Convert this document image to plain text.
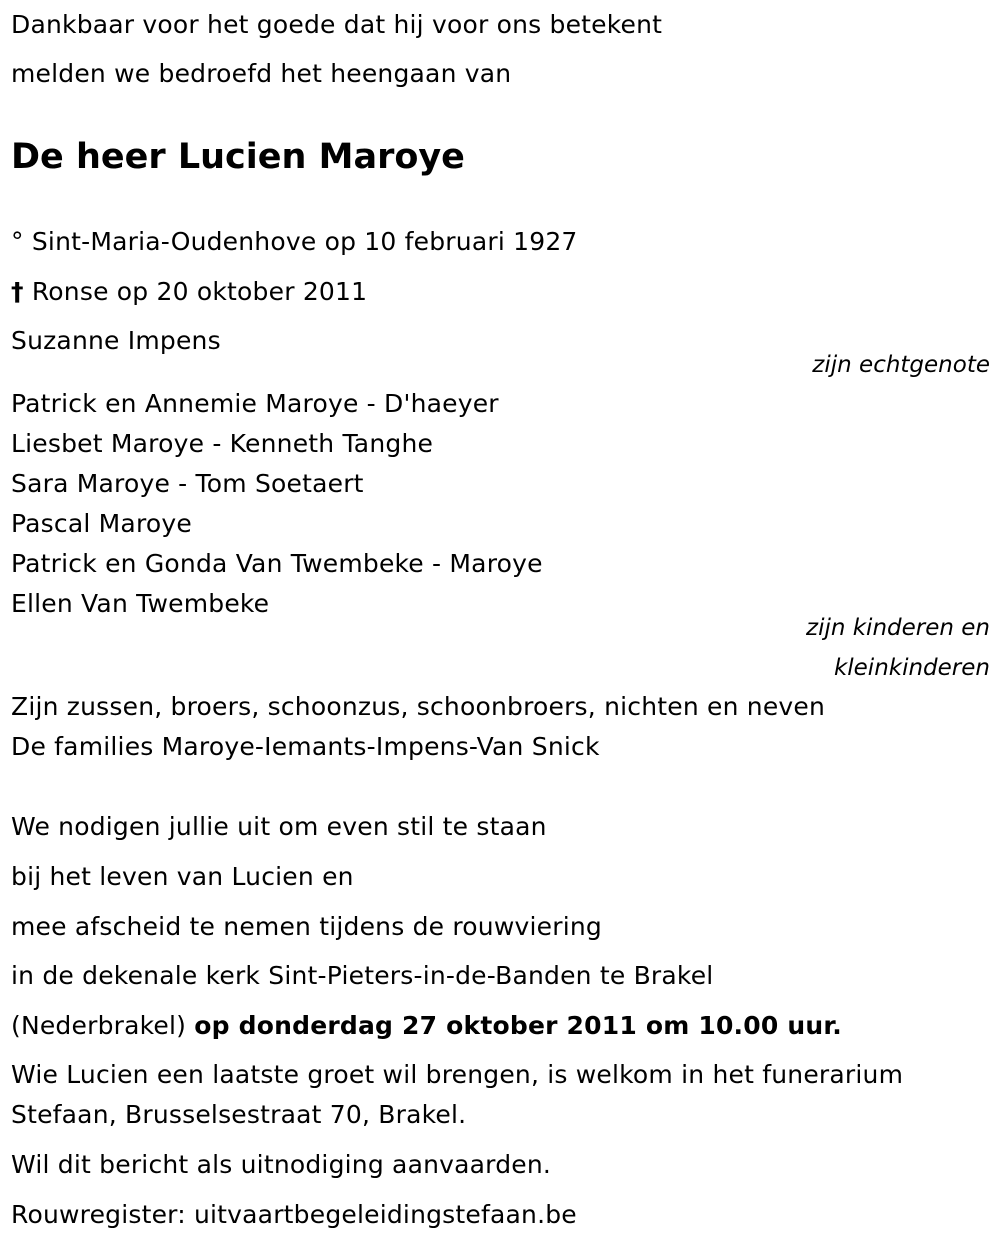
Dankbaar voor het goede dat hij voor ons betekent

melden we bedroefd het heengaan van

De heer Lucien Maroye

° Sint-Maria-Oudenhove op 10 februari 1927

† Ronse op 20 oktober 2011

Suzanne Impens

zijn echtgenote

Patrick en Annemie Maroye - D'haeyer

Liesbet Maroye - Kenneth Tanghe

Sara Maroye - Tom Soetaert

Pascal Maroye

Patrick en Gonda Van Twembeke - Maroye

Ellen Van Twembeke

zijn kinderen en

kleinkinderen

Zijn zussen, broers, schoonzus, schoonbroers, nichten en neven

De families Maroye-Iemants-Impens-Van Snick

We nodigen jullie uit om even stil te staan

bij het leven van Lucien en

mee afscheid te nemen tijdens de rouwviering

in de dekenale kerk Sint-Pieters-in-de-Banden te Brakel

(Nederbrakel) op donderdag 27 oktober 2011 om 10.00 uur.

Wie Lucien een laatste groet wil brengen, is welkom in het funerarium

Stefaan, Brusselsestraat 70, Brakel.

Wil dit bericht als uitnodiging aanvaarden.

Rouwregister: uitvaartbegeleidingstefaan.be
